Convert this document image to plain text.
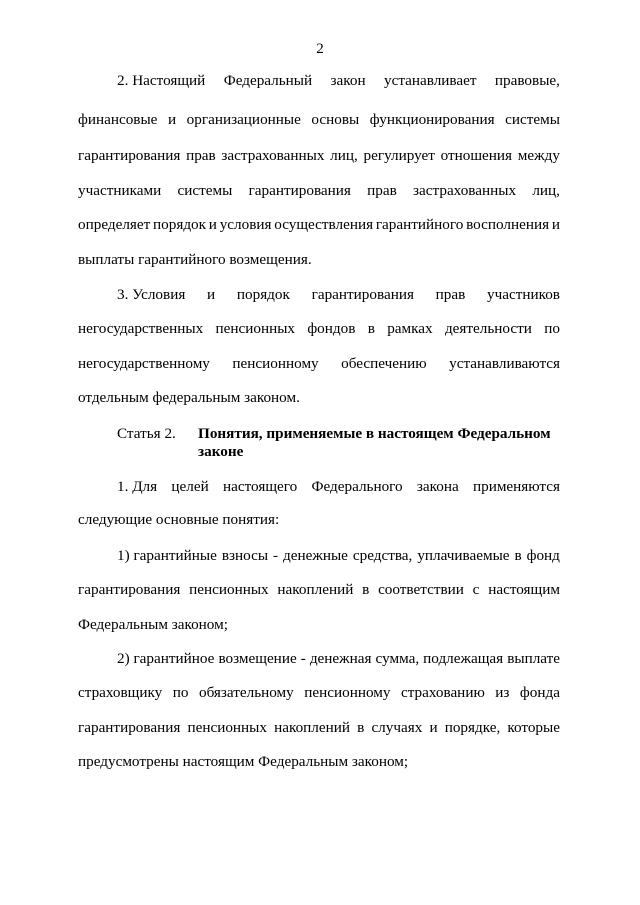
2
2. Настоящий Федеральный закон устанавливает правовые,
финансовые и организационные основы функционирования системы
гарантирования прав застрахованных лиц, регулирует отношения между
участниками системы гарантирования прав застрахованных лиц,
определяет порядок и условия осуществления гарантийного восполнения и
выплаты гарантийного возмещения.
3. Условия и порядок гарантирования прав участников
негосударственных пенсионных фондов в рамках деятельности по
негосударственному пенсионному обеспечению устанавливаются
отдельным федеральным законом.
Статья 2. Понятия, применяемые в настоящем Федеральном
законе
1. Для целей настоящего Федерального закона применяются
следующие основные понятия:
1) гарантийные взносы - денежные средства, уплачиваемые в фонд
гарантирования пенсионных накоплений в соответствии с настоящим
Федеральным законом;
2) гарантийное возмещение - денежная сумма, подлежащая выплате
страховщику по обязательному пенсионному страхованию из фонда
гарантирования пенсионных накоплений в случаях и порядке, которые
предусмотрены настоящим Федеральным законом;
